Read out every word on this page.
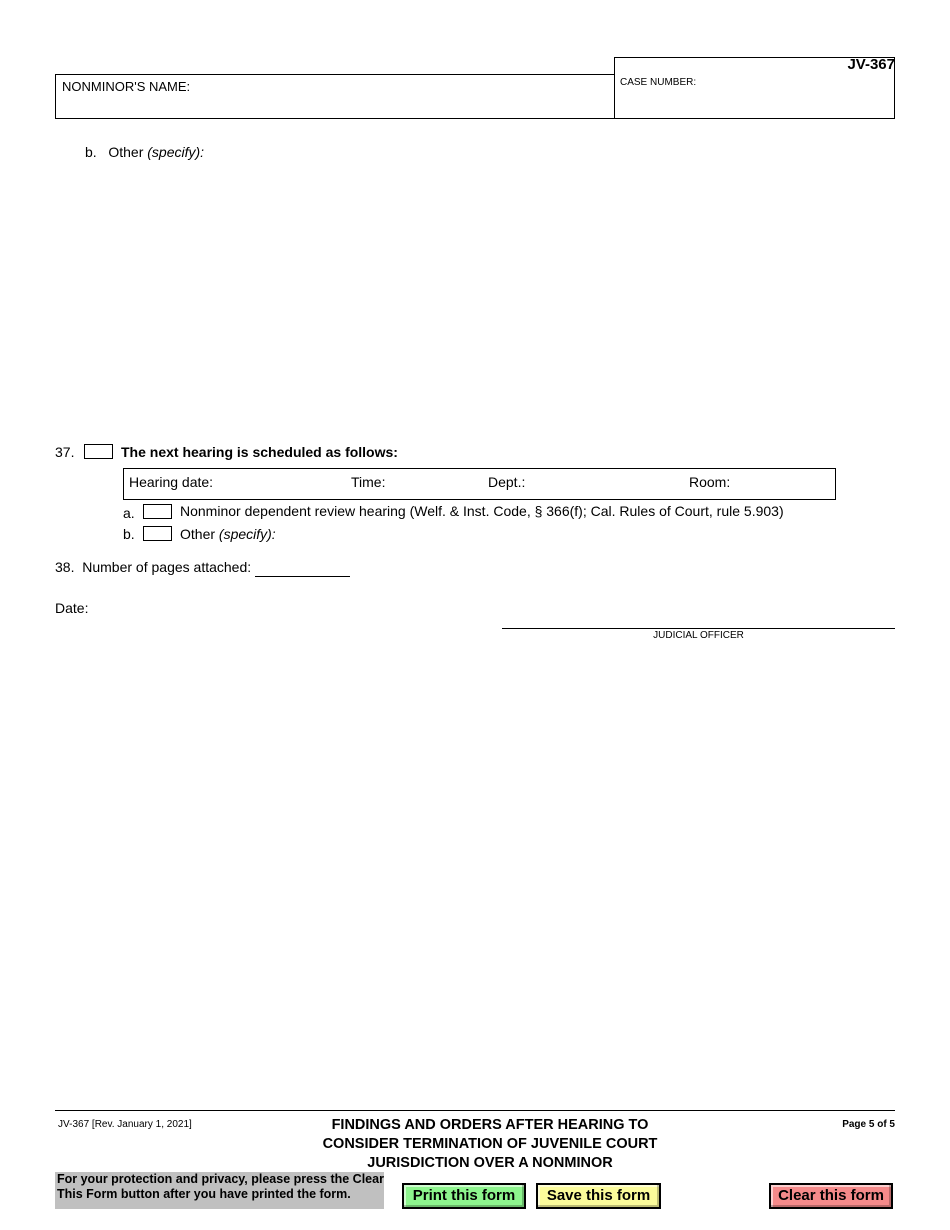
JV-367
NONMINOR'S NAME:	CASE NUMBER:
b. Other (specify):
37.	The next hearing is scheduled as follows:
Hearing date:	Time:	Dept.:	Room:
a.	Nonminor dependent review hearing (Welf. & Inst. Code, § 366(f); Cal. Rules of Court, rule 5.903)
b.	Other (specify):
38. Number of pages attached:
Date:
JUDICIAL OFFICER
JV-367 [Rev. January 1, 2021]	FINDINGS AND ORDERS AFTER HEARING TO
CONSIDER TERMINATION OF JUVENILE COURT
JURISDICTION OVER A NONMINOR
Page 5 of 5
For your protection and privacy, please press the Clear
This Form button after you have printed the form.	Print this form	Save this form	Clear this form
